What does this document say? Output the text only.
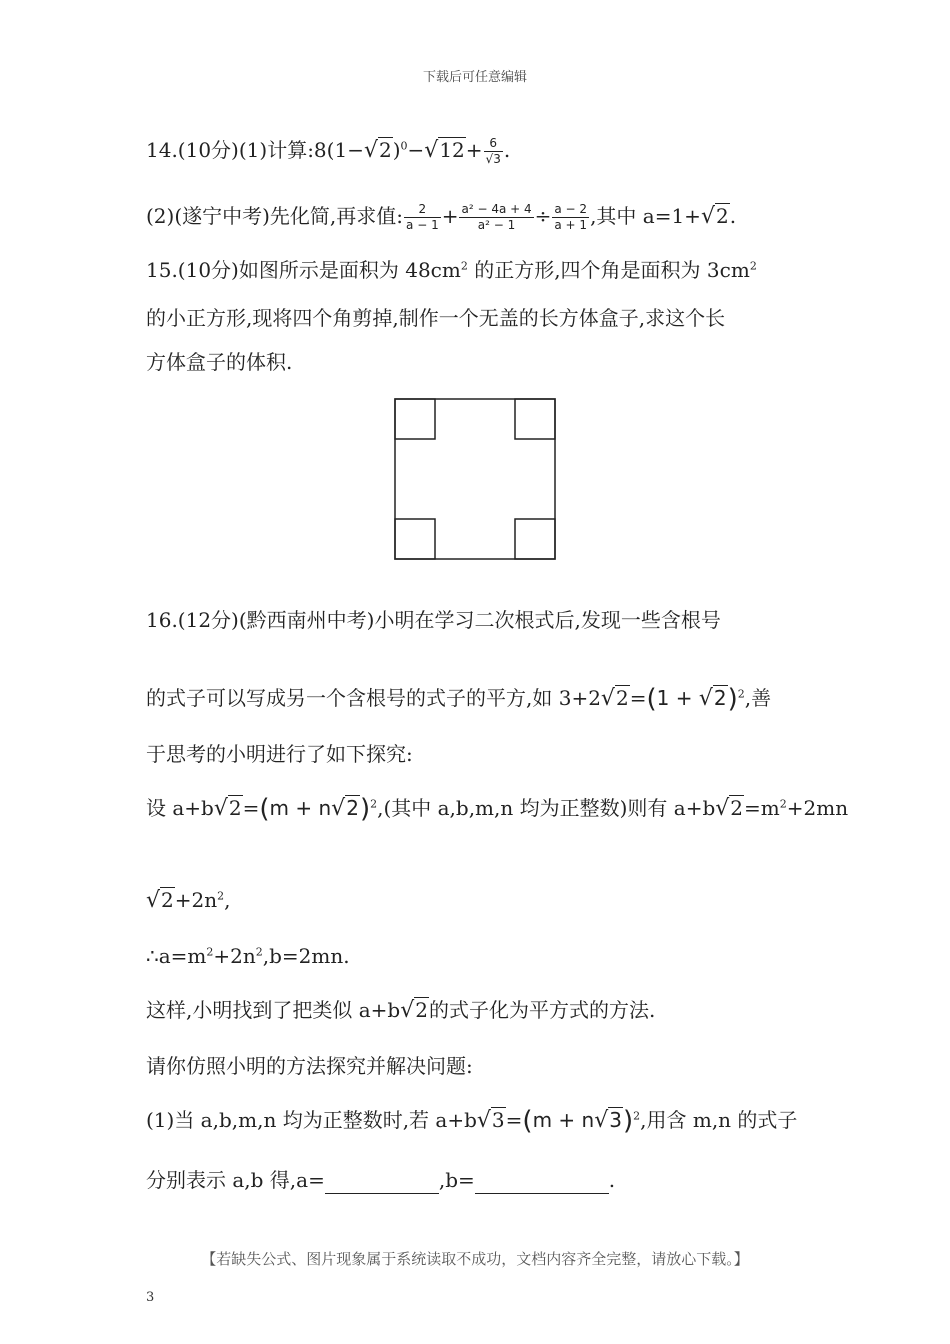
下载后可任意编辑
14.(10分)(1)计算$:8(1-√2)^0-√12+ \frac{6}{√3}$ .
(2)(遂宁中考)先化简,再求值: $\frac{2}{a - 1} + \frac{\text{a² − 4a + 4}}{\text{a² − 1}} \div \frac{a - 2}{a + 1}$ ,其中 a=1+√2.
15.(10分)如图所示是面积为 $48cm^2$ 的正方形,四个角是面积为 $3cm^2$
的小正方形,现将四个角剪掉,制作一个无盖的长方体盒子,求这个长
方体盒子的体积.
16.(12分)(黔西南州中考)小明在学习二次根式后,发现一些含根号
的式子可以写成另一个含根号的式子的平方,如 $3+2√2=(1 + √2)^2$,善
于思考的小明进行了如下探究:
设 $a+b√2=(m + n√2)^2$,(其中 a,b,m,n 均为正整数)则有 $a+b√2=m^2+2mn$
$√2+2n^2$,
$\therefore a=m^2+2n^2,b=2mn$.
这样,小明找到了把类似 a+b√2的式子化为平方式的方法.
请你仿照小明的方法探究并解决问题:
(1)当 a,b,m,n 均为正整数时,若 $a+b√3=(m + n√3)^2$,用含 m,n 的式子
分别表示 a,b 得,a=	,b=	.
【若缺失公式、图片现象属于系统读取不成功，文档内容齐全完整，请放心下载。】
3
